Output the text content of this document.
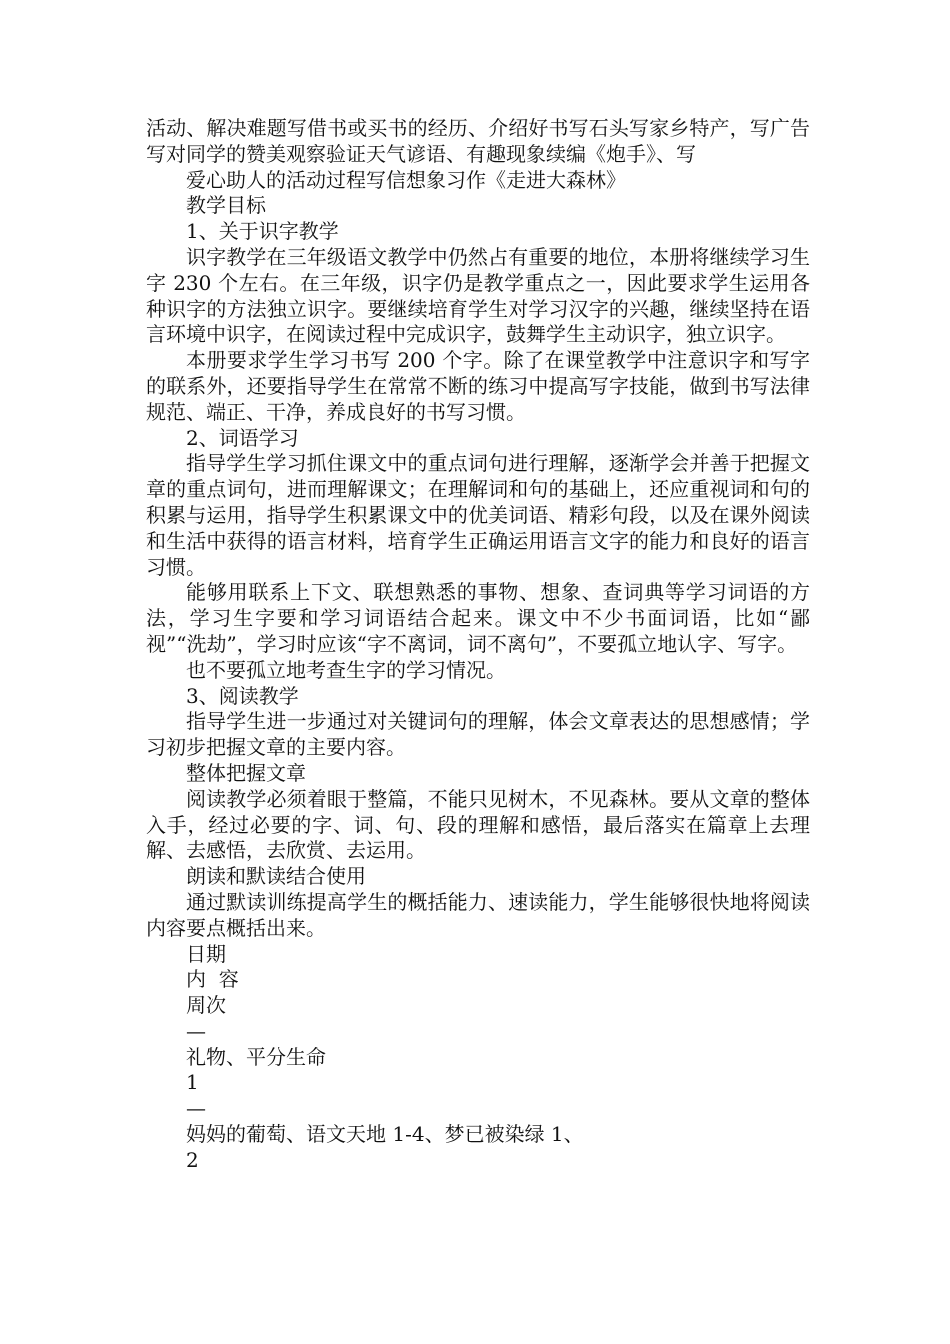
活动、解决难题写借书或买书的经历、介绍好书写石头写家乡特产，写广告写对同学的赞美观察验证天气谚语、有趣现象续编《炮手》、写

爱心助人的活动过程写信想象习作《走进大森林》

教学目标

1、关于识字教学

识字教学在三年级语文教学中仍然占有重要的地位，本册将继续学习生字 230 个左右。在三年级，识字仍是教学重点之一，因此要求学生运用各种识字的方法独立识字。要继续培育学生对学习汉字的兴趣，继续坚持在语言环境中识字，在阅读过程中完成识字，鼓舞学生主动识字，独立识字。

本册要求学生学习书写 200 个字。除了在课堂教学中注意识字和写字的联系外，还要指导学生在常常不断的练习中提高写字技能，做到书写法律规范、端正、干净，养成良好的书写习惯。

2、词语学习

指导学生学习抓住课文中的重点词句进行理解，逐渐学会并善于把握文章的重点词句，进而理解课文；在理解词和句的基础上，还应重视词和句的积累与运用，指导学生积累课文中的优美词语、精彩句段，以及在课外阅读和生活中获得的语言材料，培育学生正确运用语言文字的能力和良好的语言习惯。

能够用联系上下文、联想熟悉的事物、想象、查词典等学习词语的方法，学习生字要和学习词语结合起来。课文中不少书面词语，比如“鄙视”“洗劫”，学习时应该“字不离词，词不离句”，不要孤立地认字、写字。

也不要孤立地考查生字的学习情况。

3、阅读教学

指导学生进一步通过对关键词句的理解，体会文章表达的思想感情；学习初步把握文章的主要内容。

整体把握文章

阅读教学必须着眼于整篇，不能只见树木，不见森林。要从文章的整体入手，经过必要的字、词、句、段的理解和感悟，最后落实在篇章上去理解、去感悟，去欣赏、去运用。

朗读和默读结合使用

通过默读训练提高学生的概括能力、速读能力，学生能够很快地将阅读内容要点概括出来。

日期

内  容

周次

—

礼物、平分生命

1

—

妈妈的葡萄、语文天地 1-4、梦已被染绿 1、

2
